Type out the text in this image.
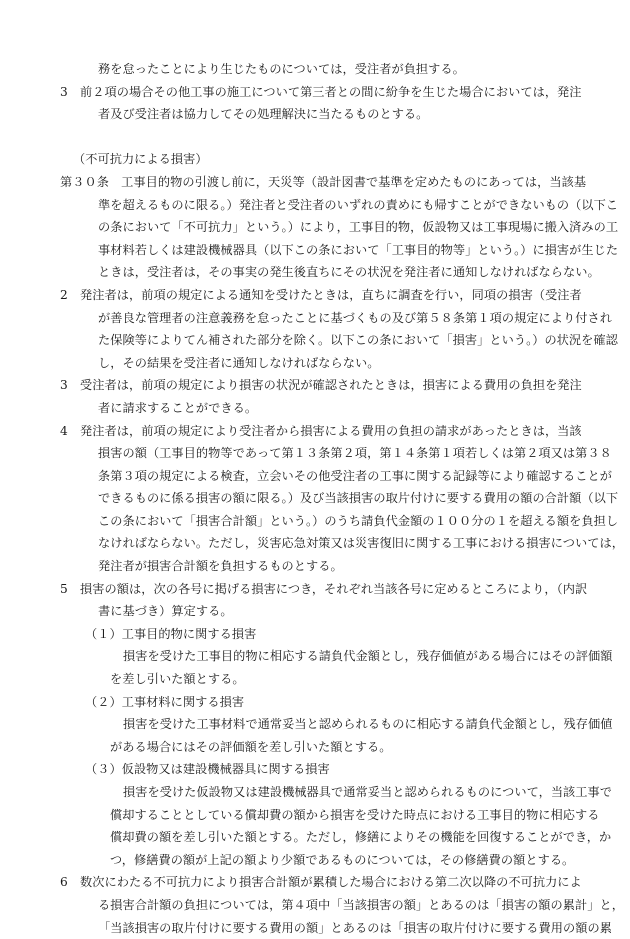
務を怠ったことにより生じたものについては，受注者が負担する。
3　前２項の場合その他工事の施工について第三者との間に紛争を生じた場合においては，発注
者及び受注者は協力してその処理解決に当たるものとする。
（不可抗力による損害）
第３０条　工事目的物の引渡し前に，天災等（設計図書で基準を定めたものにあっては，当該基
準を超えるものに限る。）発注者と受注者のいずれの責めにも帰すことができないもの（以下こ
の条において「不可抗力」という。）により，工事目的物，仮設物又は工事現場に搬入済みの工
事材料若しくは建設機械器具（以下この条において「工事目的物等」という。）に損害が生じた
ときは，受注者は，その事実の発生後直ちにその状況を発注者に通知しなければならない。
2　発注者は，前項の規定による通知を受けたときは，直ちに調査を行い，同項の損害（受注者
が善良な管理者の注意義務を怠ったことに基づくもの及び第５８条第１項の規定により付され
た保険等によりてん補された部分を除く。以下この条において「損害」という。）の状況を確認
し，その結果を受注者に通知しなければならない。
3　受注者は，前項の規定により損害の状況が確認されたときは，損害による費用の負担を発注
者に請求することができる。
4　発注者は，前項の規定により受注者から損害による費用の負担の請求があったときは，当該
損害の額（工事目的物等であって第１３条第２項，第１４条第１項若しくは第２項又は第３８
条第３項の規定による検査，立会いその他受注者の工事に関する記録等により確認することが
できるものに係る損害の額に限る。）及び当該損害の取片付けに要する費用の額の合計額（以下
この条において「損害合計額」という。）のうち請負代金額の１００分の１を超える額を負担し
なければならない。ただし，災害応急対策又は災害復旧に関する工事における損害については，
発注者が損害合計額を負担するものとする。
5　損害の額は，次の各号に掲げる損害につき，それぞれ当該各号に定めるところにより，（内訳
書に基づき）算定する。
（１）工事目的物に関する損害
損害を受けた工事目的物に相応する請負代金額とし，残存価値がある場合にはその評価額
を差し引いた額とする。
（２）工事材料に関する損害
損害を受けた工事材料で通常妥当と認められるものに相応する請負代金額とし，残存価値
がある場合にはその評価額を差し引いた額とする。
（３）仮設物又は建設機械器具に関する損害
損害を受けた仮設物又は建設機械器具で通常妥当と認められるものについて，当該工事で
償却することとしている償却費の額から損害を受けた時点における工事目的物に相応する
償却費の額を差し引いた額とする。ただし，修繕によりその機能を回復することができ，か
つ，修繕費の額が上記の額より少額であるものについては，その修繕費の額とする。
6　数次にわたる不可抗力により損害合計額が累積した場合における第二次以降の不可抗力によ
る損害合計額の負担については，第４項中「当該損害の額」とあるのは「損害の額の累計」と，
「当該損害の取片付けに要する費用の額」とあるのは「損害の取片付けに要する費用の額の累
